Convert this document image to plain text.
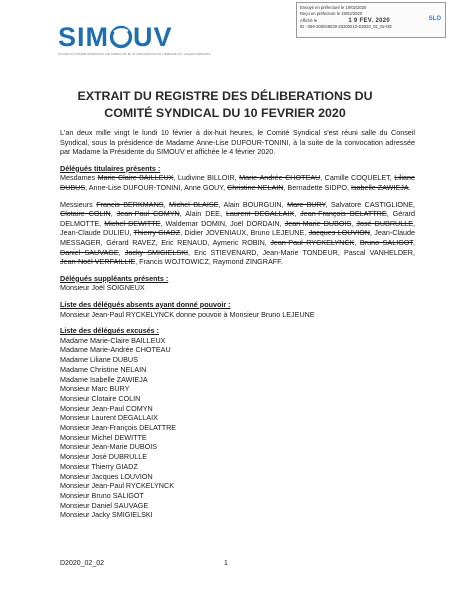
Envoyé en préfecture le 19/02/2020
Reçu en préfecture le 19/02/2020
Affiché le	1 9 FEV. 2020	SLO
ID : 069-200046030-20200210-D2020_02_02-DE
SIM UV
SYNDICAT INTERCOMMUNAL DE MOBILITÉ ET D'ORGANISATION URBAINE DU VALENCIENNOIS
EXTRAIT DU REGISTRE DES DÉLIBERATIONS DU
COMITÉ SYNDICAL DU 10 FEVRIER 2020

L'an deux mille vingt le lundi 10 février à dix-huit heures, le Comité Syndical s'est réuni salle du Conseil Syndical, sous la présidence de Madame Anne-Lise DUFOUR-TONINI, à la suite de la convocation adressée par Madame la Présidente du SIMOUV et affichée le 4 février 2020.

Délégués titulaires présents :
Mesdames Marie-Claire BAILLEUX, Ludivine BILLOIR, Marie-Andrée CHOTEAU, Camille COQUELET, Liliane DUBUS, Anne-Lise DUFOUR-TONINI, Anne GOUY, Christine NELAIN, Bernadette SIDPO, Isabelle ZAWIEJA.

Messieurs Francis BERKMANS, Michel BLAISE, Alain BOURGUIN, Marc BURY, Salvatore CASTIGLIONE, Clotaire COLIN, Jean-Paul COMYN, Alain DEE, Laurent DEGALLAIX, Jean-François DELATTRE, Gérard DELMOTTE, Michel DEWITTE, Waldemar DOMIN, Joël DORDAIN, Jean-Marie DUBOIS, José DUBRULLE, Jean-Claude DULIEU, Thierry GIADZ, Didier JOVENIAUX, Bruno LEJEUNE, Jacques LOUVION, Jean-Claude MESSAGER, Gérard RAVEZ, Eric RENAUD, Aymeric ROBIN, Jean-Paul RYCKELYNCK, Bruno SALIGOT, Daniel SAUVAGE, Jacky SMIGIELSKI, Eric STIEVENARD, Jean-Marie TONDEUR, Pascal VANHELDER, Jean-Noël VERFAILLIE, Francis WOJTOWICZ, Raymond ZINGRAFF.

Délégués suppléants présents :
Monsieur Joël SOIGNEUX

Liste des délégués absents ayant donné pouvoir :
Monsieur Jean-Paul RYCKELYNCK donne pouvoir à Monsieur Bruno LEJEUNE

Liste des délégués excusés :
Madame Marie-Claire BAILLEUX
Madame Marie-Andrée CHOTEAU
Madame Liliane DUBUS
Madame Christine NELAIN
Madame Isabelle ZAWIEJA
Monsieur Marc BURY
Monsieur Clotaire COLIN
Monsieur Jean-Paul COMYN
Monsieur Laurent DEGALLAIX
Monsieur Jean-François DELATTRE
Monsieur Michel DEWITTE
Monsieur Jean-Marie DUBOIS
Monsieur José DUBRULLE
Monsieur Thierry GIADZ
Monsieur Jacques LOUVION
Monsieur Jean-Paul RYCKELYNCK
Monsieur Bruno SALIGOT
Monsieur Daniel SAUVAGE
Monsieur Jacky SMIGIELSKI
D2020_02_02	1
